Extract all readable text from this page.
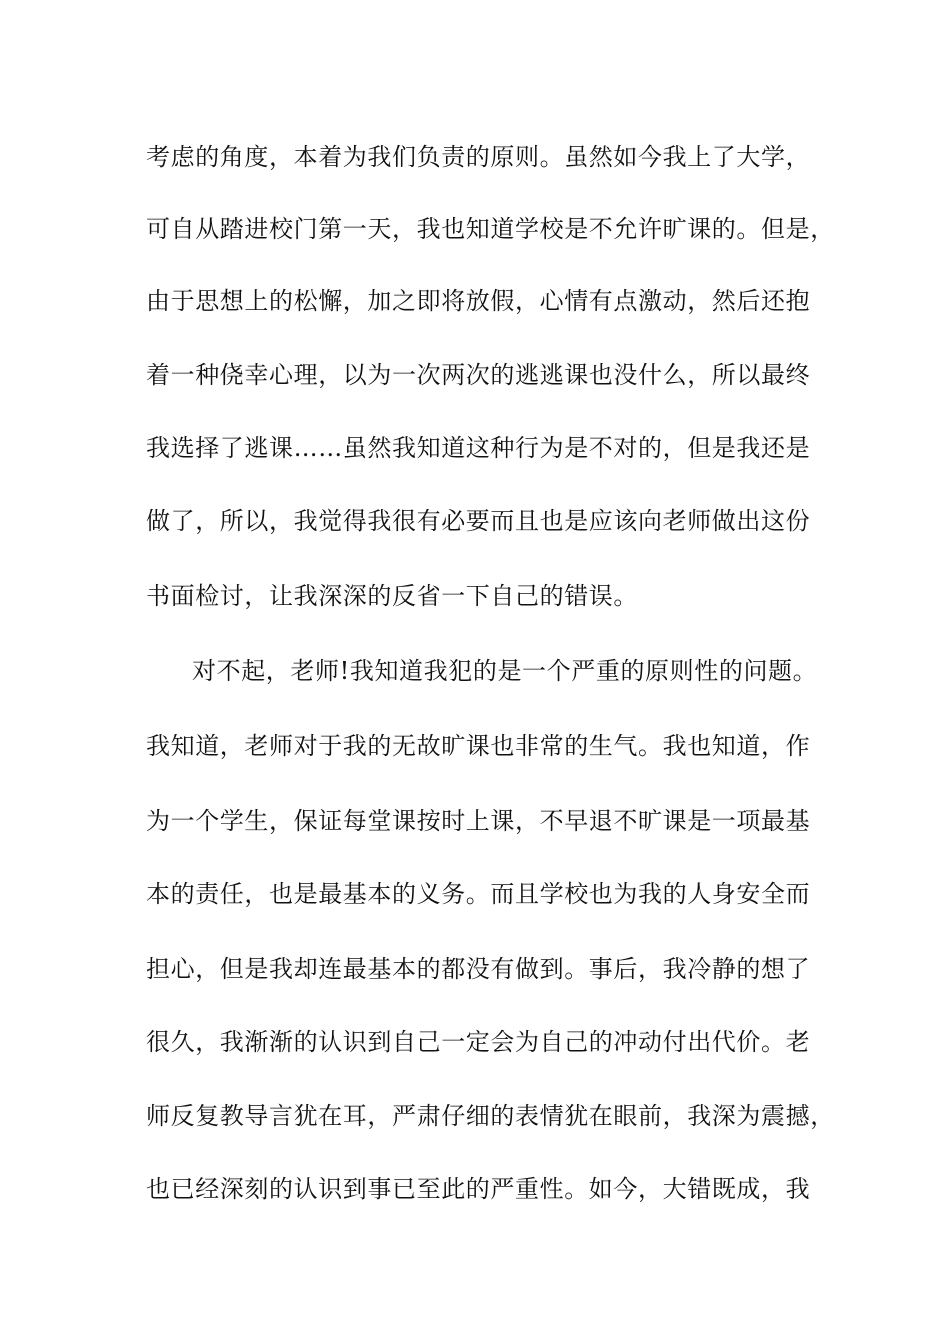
考虑的角度，本着为我们负责的原则。虽然如今我上了大学，
可自从踏进校门第一天，我也知道学校是不允许旷课的。但是，
由于思想上的松懈，加之即将放假，心情有点激动，然后还抱
着一种侥幸心理，以为一次两次的逃逃课也没什么，所以最终
我选择了逃课……虽然我知道这种行为是不对的，但是我还是
做了，所以，我觉得我很有必要而且也是应该向老师做出这份
书面检讨，让我深深的反省一下自己的错误。
对不起，老师!我知道我犯的是一个严重的原则性的问题。
我知道，老师对于我的无故旷课也非常的生气。我也知道，作
为一个学生，保证每堂课按时上课，不早退不旷课是一项最基
本的责任，也是最基本的义务。而且学校也为我的人身安全而
担心，但是我却连最基本的都没有做到。事后，我冷静的想了
很久，我渐渐的认识到自己一定会为自己的冲动付出代价。老
师反复教导言犹在耳，严肃仔细的表情犹在眼前，我深为震撼，
也已经深刻的认识到事已至此的严重性。如今，大错既成，我
